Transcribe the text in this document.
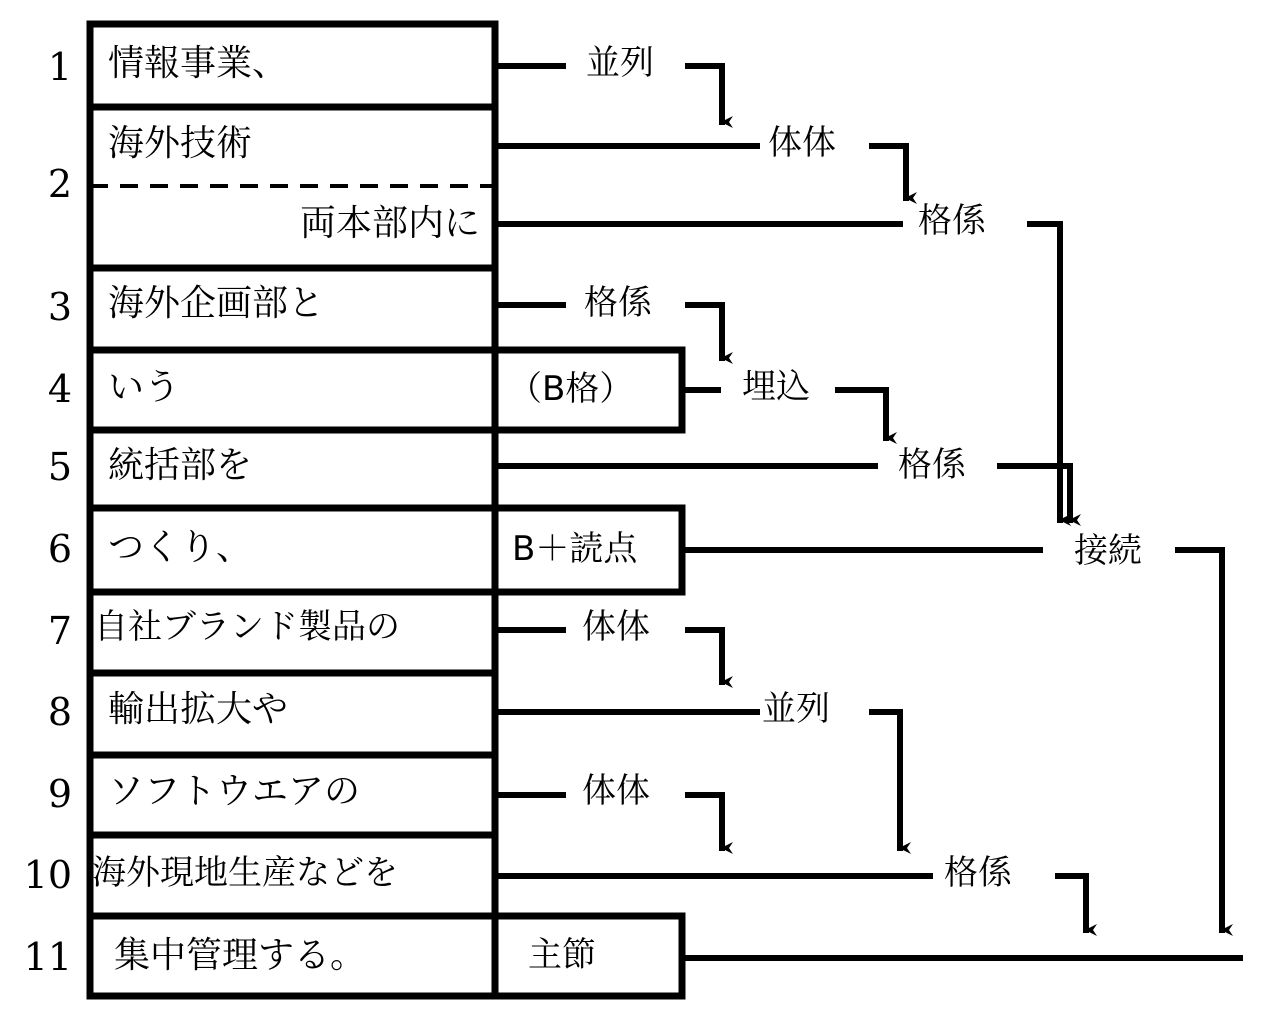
1
2
3
4
5
6
7
8
9
10
11
情報事業、
海外技術
両本部内に
海外企画部と
いう
統括部を
つくり、
自社ブランド製品の
輸出拡大や
ソフトウエアの
海外現地生産などを
集中管理する。
（B格）
B＋読点
主節
並列
体体
格係
格係
埋込
格係
接続
体体
並列
体体
格係
